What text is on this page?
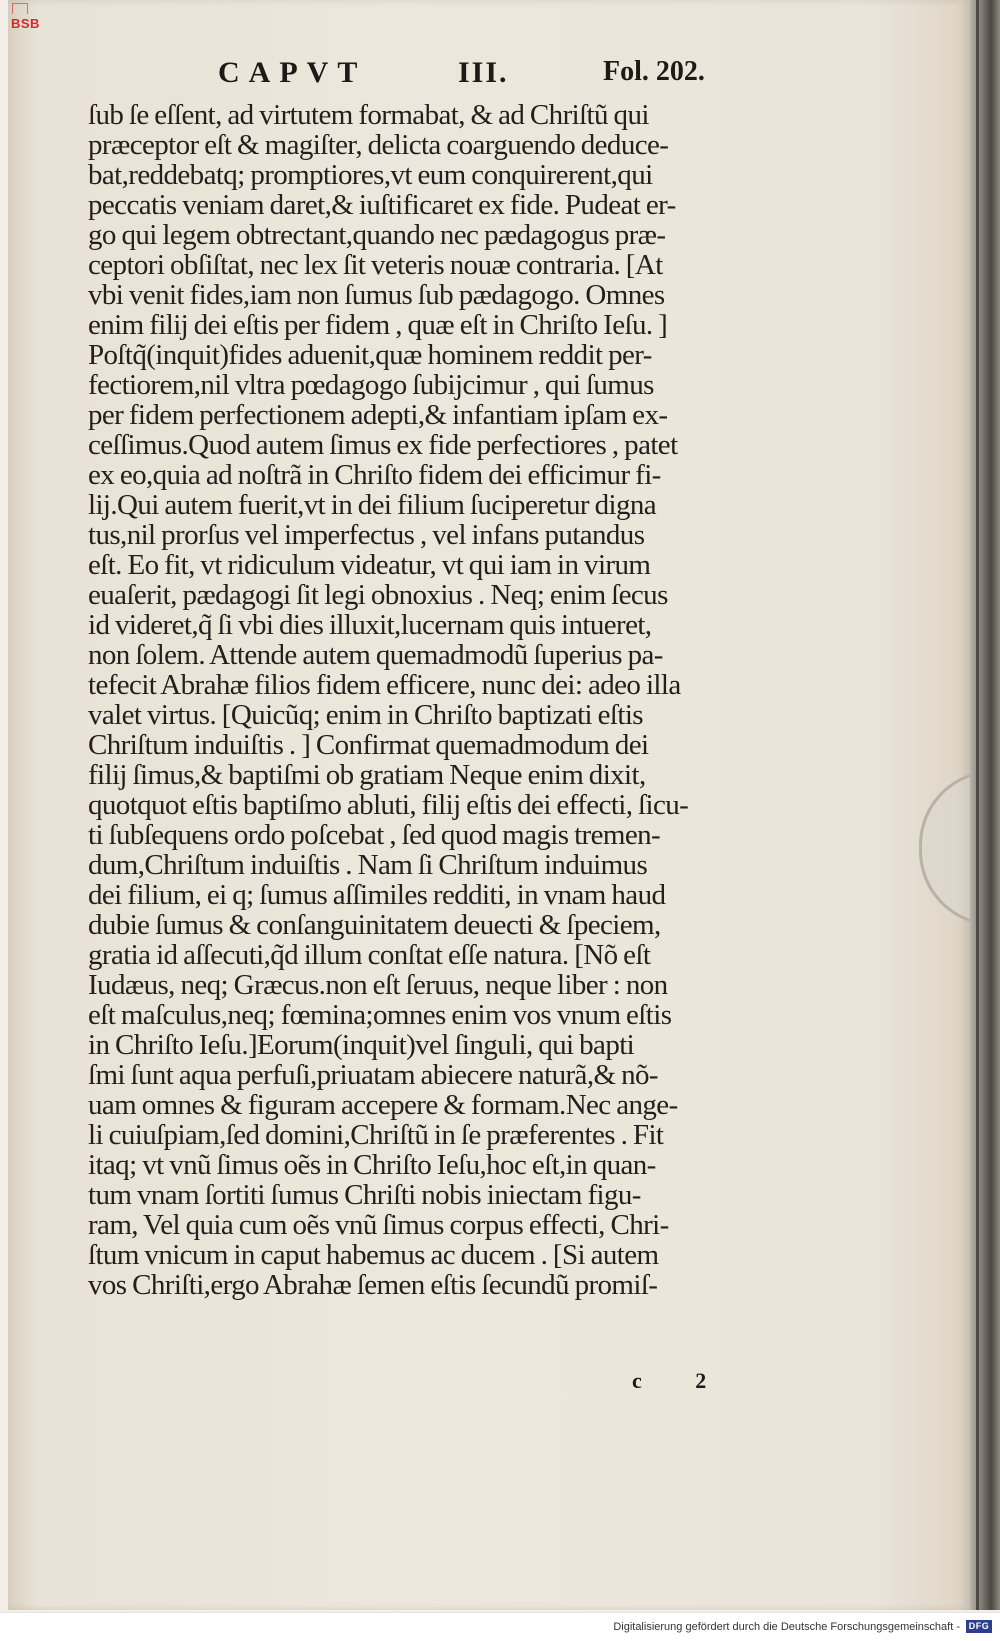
BSB
CAPVT	III.	Fol. 202.
ſub ſe eſſent, ad virtutem formabat, & ad Chriſtũ qui
præceptor eſt & magiſter, delicta coarguendo deduce-
bat,reddebatq; promptiores,vt eum conquirerent,qui
peccatis veniam daret,& iuſtificaret ex fide. Pudeat er-
go qui legem obtrectant,quando nec pædagogus præ-
ceptori obſiſtat, nec lex ſit veteris nouæ contraria. [At
vbi venit fides,iam non ſumus ſub pædagogo. Omnes
enim filij dei eſtis per fidem , quæ eſt in Chriſto Ieſu. ]
Poſtq̃(inquit)fides aduenit,quæ hominem reddit per-
fectiorem,nil vltra pœdagogo ſubijcimur , qui ſumus
per fidem perfectionem adepti,& infantiam ipſam ex-
ceſſimus.Quod autem ſimus ex fide perfectiores , patet
ex eo,quia ad noſtrã in Chriſto fidem dei efficimur fi-
lij.Qui autem fuerit,vt in dei filium ſuciperetur digna
tus,nil prorſus vel imperfectus , vel infans putandus
eſt. Eo fit, vt ridiculum videatur, vt qui iam in virum
euaſerit, pædagogi ſit legi obnoxius . Neq; enim ſecus
id videret,q̃ ſi vbi dies illuxit,lucernam quis intueret,
non ſolem. Attende autem quemadmodũ ſuperius pa-
tefecit Abrahæ filios fidem efficere, nunc dei: adeo illa
valet virtus. [Quicũq; enim in Chriſto baptizati eſtis
Chriſtum induiſtis . ] Confirmat quemadmodum dei
filij ſimus,& baptiſmi ob gratiam Neque enim dixit,
quotquot eſtis baptiſmo abluti, filij eſtis dei effecti, ſicu-
ti ſubſequens ordo poſcebat , ſed quod magis tremen-
dum,Chriſtum induiſtis . Nam ſi Chriſtum induimus
dei filium, ei q; ſumus aſſimiles redditi, in vnam haud
dubie ſumus & conſanguinitatem deuecti & ſpeciem,
gratia id aſſecuti,q̃d illum conſtat eſſe natura. [Nõ eſt
Iudæus, neq; Græcus.non eſt ſeruus, neque liber : non
eſt maſculus,neq; fœmina;omnes enim vos vnum eſtis
in Chriſto Ieſu.]Eorum(inquit)vel ſinguli, qui bapti
ſmi ſunt aqua perfuſi,priuatam abiecere naturã,& nõ-
uam omnes & figuram accepere & formam.Nec ange-
li cuiuſpiam,ſed domini,Chriſtũ in ſe præferentes . Fit
itaq; vt vnũ ſimus oẽs in Chriſto Ieſu,hoc eſt,in quan-
tum vnam ſortiti ſumus Chriſti nobis iniectam figu-
ram, Vel quia cum oẽs vnũ ſimus corpus effecti, Chri-
ſtum vnicum in caput habemus ac ducem . [Si autem
vos Chriſti,ergo Abrahæ ſemen eſtis ſecundũ promiſ-
c 2
Digitalisierung gefördert durch die Deutsche Forschungsgemeinschaft - DFG
